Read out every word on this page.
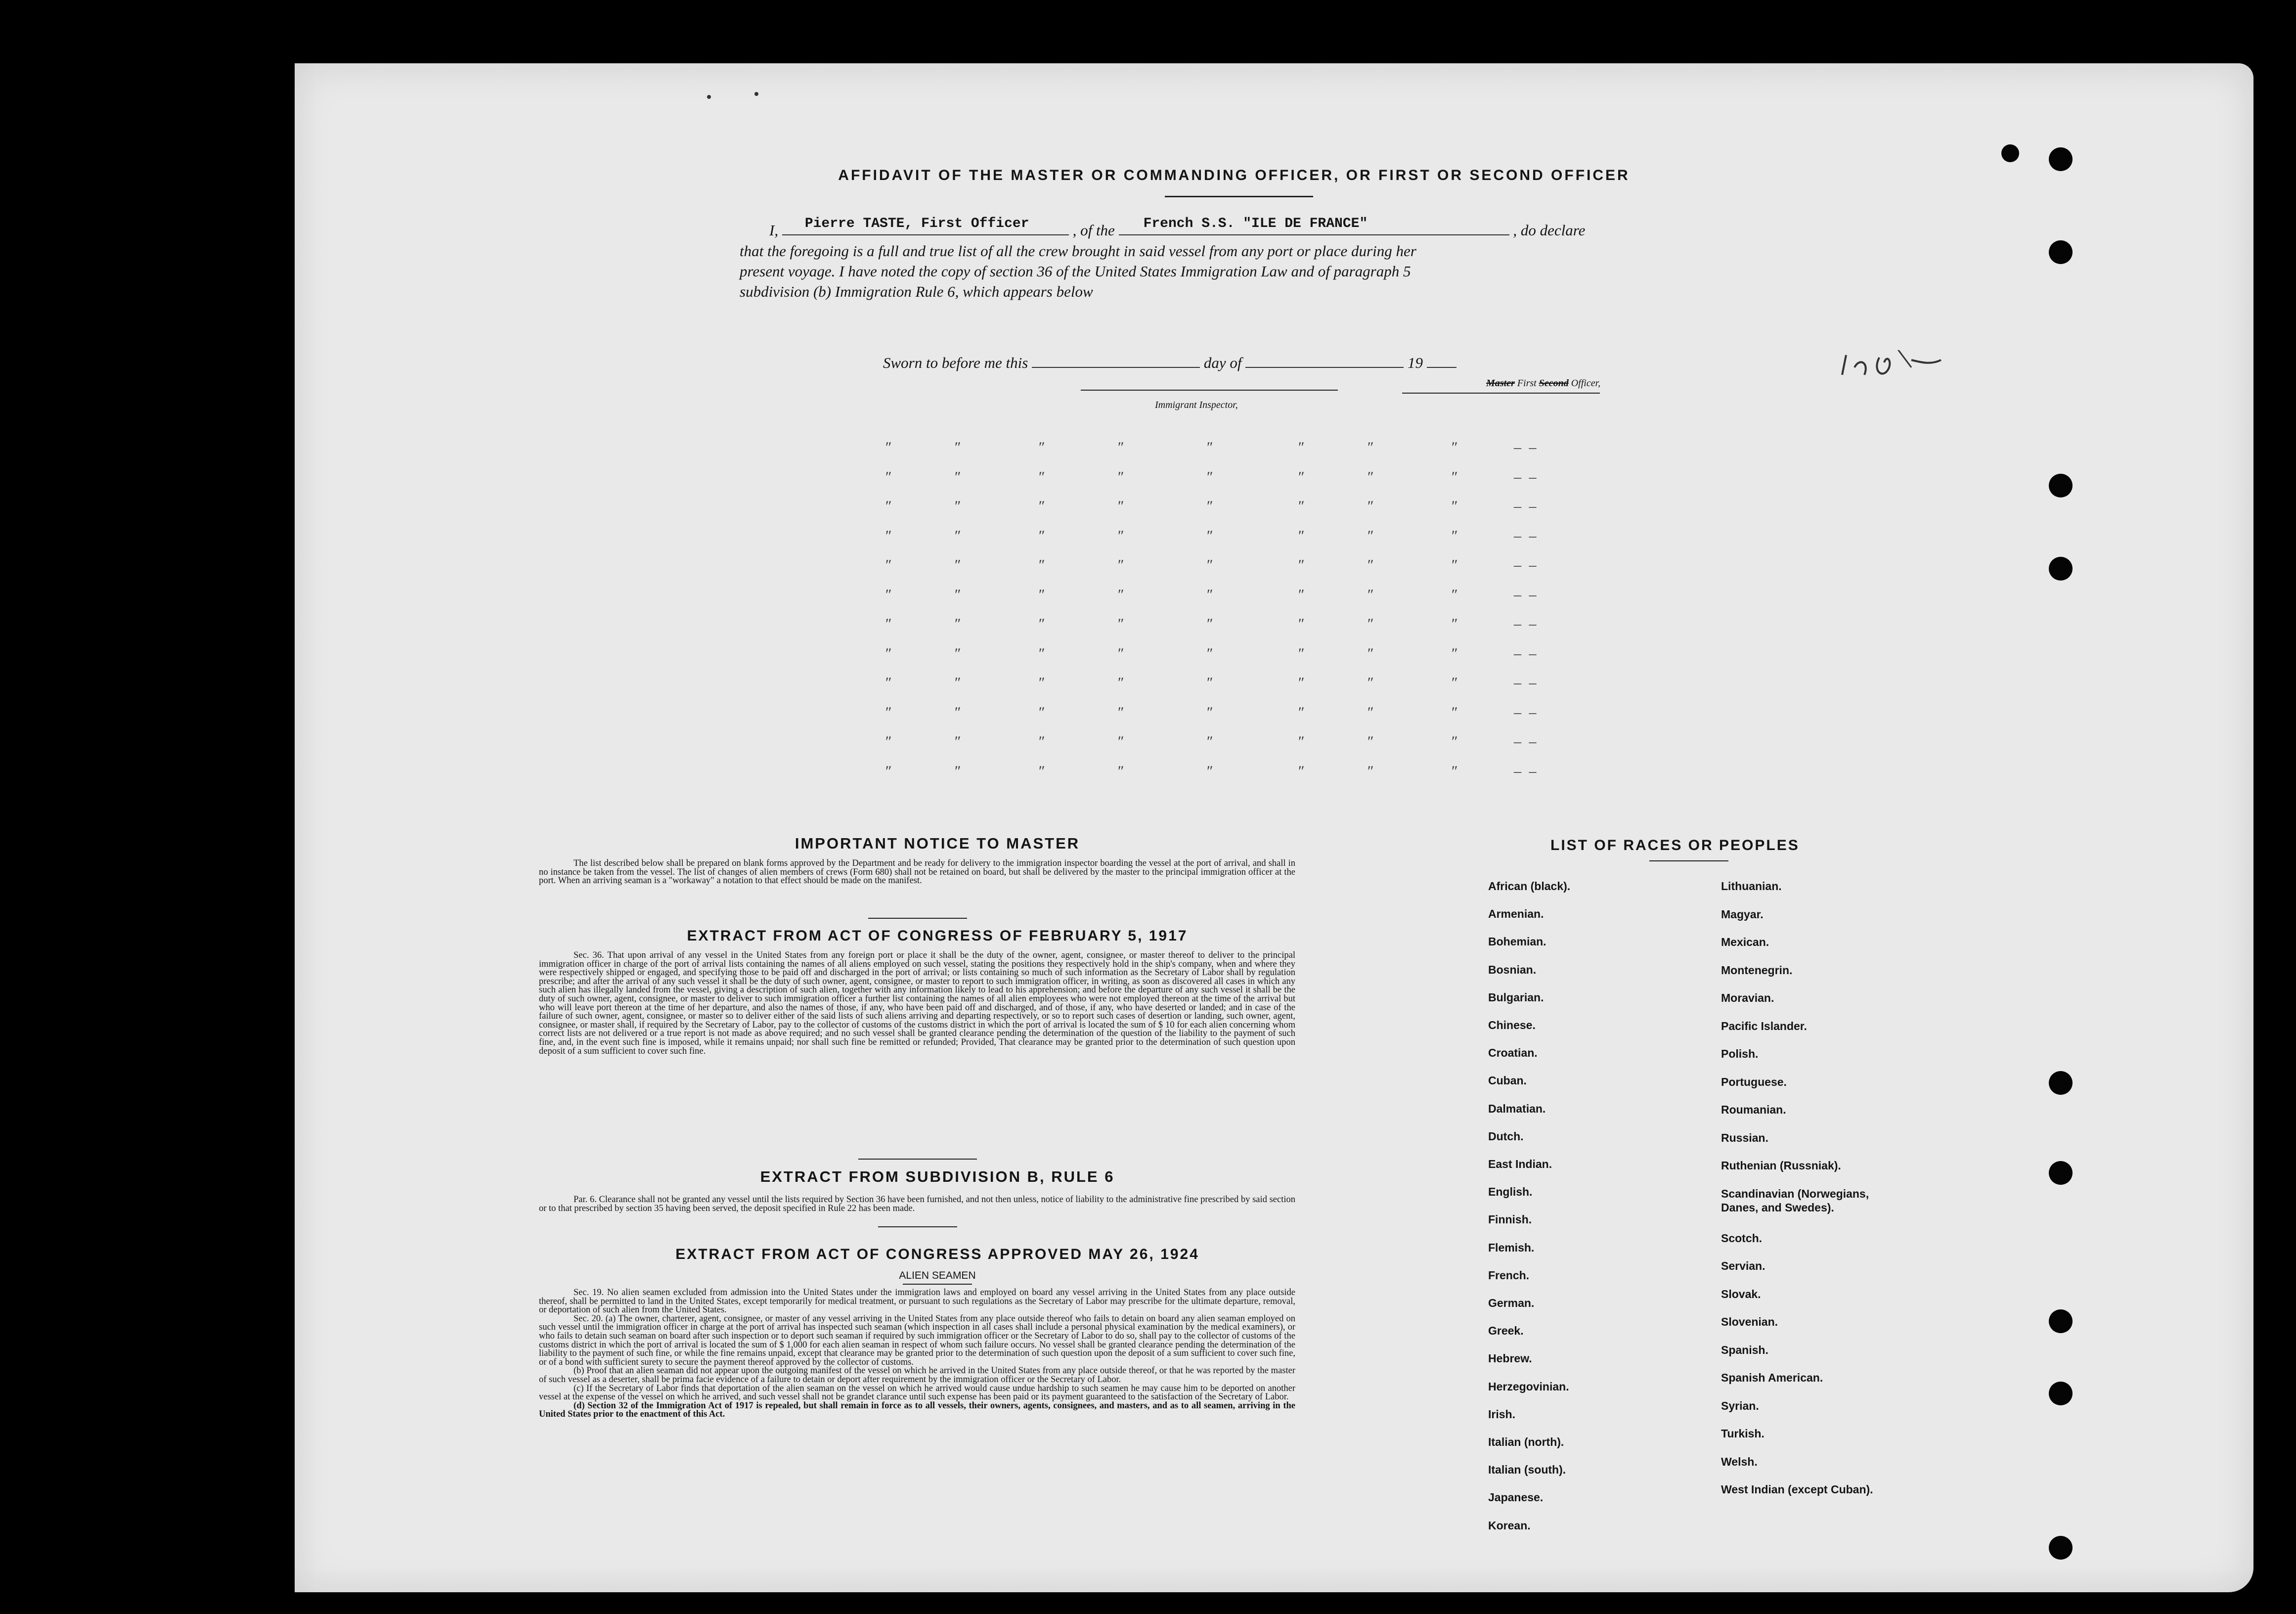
AFFIDAVIT OF THE MASTER OR COMMANDING OFFICER, OR FIRST OR SECOND OFFICER
I, Pierre TASTE, First Officer	, of the French S.S. "ILE DE FRANCE"	, do declare
that the foregoing is a full and true list of all the crew brought in said vessel from any port or place during her
present voyage. I have noted the copy of section 36 of the United States Immigration Law and of paragraph 5
subdivision (b) Immigration Rule 6, which appears below
Master First Second Officer,
Sworn to before me this	day of	19
Immigrant Inspector,
″	″	″	″	″	″	″	″	– –
″	″	″	″	″	″	″	″	– –
″	″	″	″	″	″	″	″	– –
″	″	″	″	″	″	″	″	– –
″	″	″	″	″	″	″	″	– –
″	″	″	″	″	″	″	″	– –
″	″	″	″	″	″	″	″	– –
″	″	″	″	″	″	″	″	– –
″	″	″	″	″	″	″	″	– –
″	″	″	″	″	″	″	″	– –
″	″	″	″	″	″	″	″	– –
″	″	″	″	″	″	″	″	– –
IMPORTANT NOTICE TO MASTER

The list described below shall be prepared on blank forms approved by the Department and be ready for delivery to the immigration inspector boarding the vessel at the port of arrival, and shall in no instance be taken from the vessel. The list of changes of alien members of crews (Form 680) shall not be retained on board, but shall be delivered by the master to the principal immigration officer at the port. When an arriving seaman is a "workaway" a notation to that effect should be made on the manifest.

EXTRACT FROM ACT OF CONGRESS OF FEBRUARY 5, 1917

Sec. 36. That upon arrival of any vessel in the United States from any foreign port or place it shall be the duty of the owner, agent, consignee, or master thereof to deliver to the principal immigration officer in charge of the port of arrival lists containing the names of all aliens employed on such vessel, stating the positions they respectively hold in the ship's company, when and where they were respectively shipped or engaged, and specifying those to be paid off and discharged in the port of arrival; or lists containing so much of such information as the Secretary of Labor shall by regulation prescribe; and after the arrival of any such vessel it shall be the duty of such owner, agent, consignee, or master to report to such immigration officer, in writing, as soon as discovered all cases in which any such alien has illegally landed from the vessel, giving a description of such alien, together with any information likely to lead to his apprehension; and before the departure of any such vessel it shall be the duty of such owner, agent, consignee, or master to deliver to such immigration officer a further list containing the names of all alien employees who were not employed thereon at the time of the arrival but who will leave port thereon at the time of her departure, and also the names of those, if any, who have been paid off and discharged, and of those, if any, who have deserted or landed; and in case of the failure of such owner, agent, consignee, or master so to deliver either of the said lists of such aliens arriving and departing respectively, or so to report such cases of desertion or landing, such owner, agent, consignee, or master shall, if required by the Secretary of Labor, pay to the collector of customs of the customs district in which the port of arrival is located the sum of $ 10 for each alien concerning whom correct lists are not delivered or a true report is not made as above required; and no such vessel shall be granted clearance pending the determination of the question of the liability to the payment of such fine, and, in the event such fine is imposed, while it remains unpaid; nor shall such fine be remitted or refunded; Provided, That clearance may be granted prior to the determination of such question upon deposit of a sum sufficient to cover such fine.

EXTRACT FROM SUBDIVISION B, RULE 6

Par. 6. Clearance shall not be granted any vessel until the lists required by Section 36 have been furnished, and not then unless, notice of liability to the administrative fine prescribed by said section or to that prescribed by section 35 having been served, the deposit specified in Rule 22 has been made.

EXTRACT FROM ACT OF CONGRESS APPROVED MAY 26, 1924
ALIEN SEAMEN

Sec. 19. No alien seamen excluded from admission into the United States under the immigration laws and employed on board any vessel arriving in the United States from any place outside thereof, shall be permitted to land in the United States, except temporarily for medical treatment, or pursuant to such regulations as the Secretary of Labor may prescribe for the ultimate departure, removal, or deportation of such alien from the United States.

Sec. 20. (a) The owner, charterer, agent, consignee, or master of any vessel arriving in the United States from any place outside thereof who fails to detain on board any alien seaman employed on such vessel until the immigration officer in charge at the port of arrival has inspected such seaman (which inspection in all cases shall include a personal physical examination by the medical examiners), or who fails to detain such seaman on board after such inspection or to deport such seaman if required by such immigration officer or the Secretary of Labor to do so, shall pay to the collector of customs of the customs district in which the port of arrival is located the sum of $ 1,000 for each alien seaman in respect of whom such failure occurs. No vessel shall be granted clearance pending the determination of the liability to the payment of such fine, or while the fine remains unpaid, except that clearance may be granted prior to the determination of such question upon the deposit of a sum sufficient to cover such fine, or of a bond with sufficient surety to secure the payment thereof approved by the collector of customs.

(b) Proof that an alien seaman did not appear upon the outgoing manifest of the vessel on which he arrived in the United States from any place outside thereof, or that he was reported by the master of such vessel as a deserter, shall be prima facie evidence of a failure to detain or deport after requirement by the immigration officer or the Secretary of Labor.

(c) If the Secretary of Labor finds that deportation of the alien seaman on the vessel on which he arrived would cause undue hardship to such seamen he may cause him to be deported on another vessel at the expense of the vessel on which he arrived, and such vessel shall not be grandet clarance until such expense has been paid or its payment guaranteed to the satisfaction of the Secretary of Labor.

(d) Section 32 of the Immigration Act of 1917 is repealed, but shall remain in force as to all vessels, their owners, agents, consignees, and masters, and as to all seamen, arriving in the United States prior to the enactment of this Act.

LIST OF RACES OR PEOPLES
African (black).
Armenian.
Bohemian.
Bosnian.
Bulgarian.
Chinese.
Croatian.
Cuban.
Dalmatian.
Dutch.
East Indian.
English.
Finnish.
Flemish.
French.
German.
Greek.
Hebrew.
Herzegovinian.
Irish.
Italian (north).
Italian (south).
Japanese.
Korean.
Lithuanian.
Magyar.
Mexican.
Montenegrin.
Moravian.
Pacific Islander.
Polish.
Portuguese.
Roumanian.
Russian.
Ruthenian (Russniak).
Scandinavian (Norwegians, Danes, and Swedes).
Scotch.
Servian.
Slovak.
Slovenian.
Spanish.
Spanish American.
Syrian.
Turkish.
Welsh.
West Indian (except Cuban).
